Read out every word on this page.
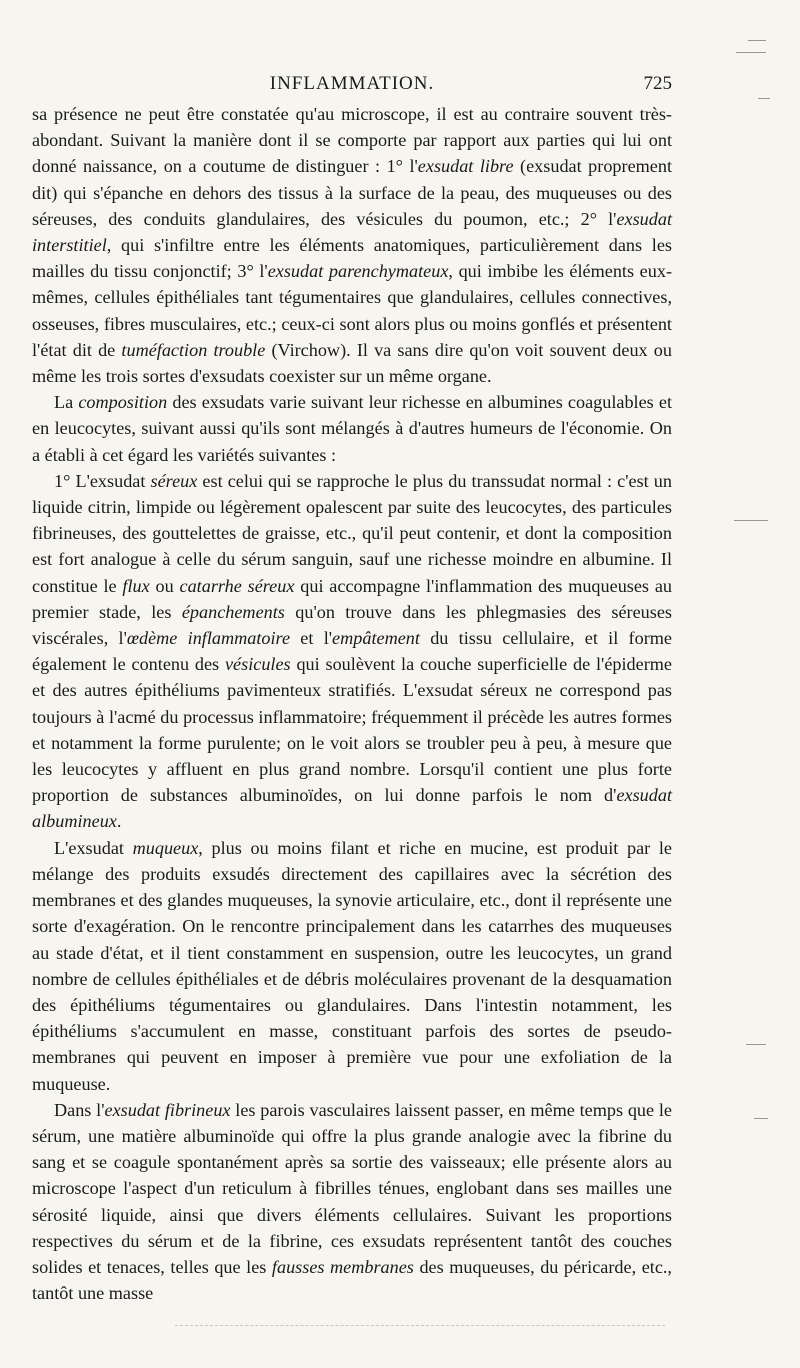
INFLAMMATION.	725

sa présence ne peut être constatée qu'au microscope, il est au contraire souvent très-abondant. Suivant la manière dont il se comporte par rapport aux parties qui lui ont donné naissance, on a coutume de distinguer : 1° l'exsudat libre (exsudat proprement dit) qui s'épanche en dehors des tissus à la surface de la peau, des muqueuses ou des séreuses, des conduits glandulaires, des vésicules du poumon, etc.; 2° l'exsudat interstitiel, qui s'infiltre entre les éléments anatomiques, particulièrement dans les mailles du tissu conjonctif; 3° l'exsudat parenchymateux, qui imbibe les éléments eux-mêmes, cellules épithéliales tant tégumentaires que glandulaires, cellules connectives, osseuses, fibres musculaires, etc.; ceux-ci sont alors plus ou moins gonflés et présentent l'état dit de tuméfaction trouble (Virchow). Il va sans dire qu'on voit souvent deux ou même les trois sortes d'exsudats coexister sur un même organe.

La composition des exsudats varie suivant leur richesse en albumines coagulables et en leucocytes, suivant aussi qu'ils sont mélangés à d'autres humeurs de l'économie. On a établi à cet égard les variétés suivantes :

1° L'exsudat séreux est celui qui se rapproche le plus du transsudat normal : c'est un liquide citrin, limpide ou légèrement opalescent par suite des leucocytes, des particules fibrineuses, des gouttelettes de graisse, etc., qu'il peut contenir, et dont la composition est fort analogue à celle du sérum sanguin, sauf une richesse moindre en albumine. Il constitue le flux ou catarrhe séreux qui accompagne l'inflammation des muqueuses au premier stade, les épanchements qu'on trouve dans les phlegmasies des séreuses viscérales, l'œdème inflammatoire et l'empâtement du tissu cellulaire, et il forme également le contenu des vésicules qui soulèvent la couche superficielle de l'épiderme et des autres épithéliums pavimenteux stratifiés. L'exsudat séreux ne correspond pas toujours à l'acmé du processus inflammatoire; fréquemment il précède les autres formes et notamment la forme purulente; on le voit alors se troubler peu à peu, à mesure que les leucocytes y affluent en plus grand nombre. Lorsqu'il contient une plus forte proportion de substances albuminoïdes, on lui donne parfois le nom d'exsudat albumineux.

L'exsudat muqueux, plus ou moins filant et riche en mucine, est produit par le mélange des produits exsudés directement des capillaires avec la sécrétion des membranes et des glandes muqueuses, la synovie articulaire, etc., dont il représente une sorte d'exagération. On le rencontre principalement dans les catarrhes des muqueuses au stade d'état, et il tient constamment en suspension, outre les leucocytes, un grand nombre de cellules épithéliales et de débris moléculaires provenant de la desquamation des épithéliums tégumentaires ou glandulaires. Dans l'intestin notamment, les épithéliums s'accumulent en masse, constituant parfois des sortes de pseudo-membranes qui peuvent en imposer à première vue pour une exfoliation de la muqueuse.

Dans l'exsudat fibrineux les parois vasculaires laissent passer, en même temps que le sérum, une matière albuminoïde qui offre la plus grande analogie avec la fibrine du sang et se coagule spontanément après sa sortie des vaisseaux; elle présente alors au microscope l'aspect d'un reticulum à fibrilles ténues, englobant dans ses mailles une sérosité liquide, ainsi que divers éléments cellulaires. Suivant les proportions respectives du sérum et de la fibrine, ces exsudats représentent tantôt des couches solides et tenaces, telles que les fausses membranes des muqueuses, du péricarde, etc., tantôt une masse
